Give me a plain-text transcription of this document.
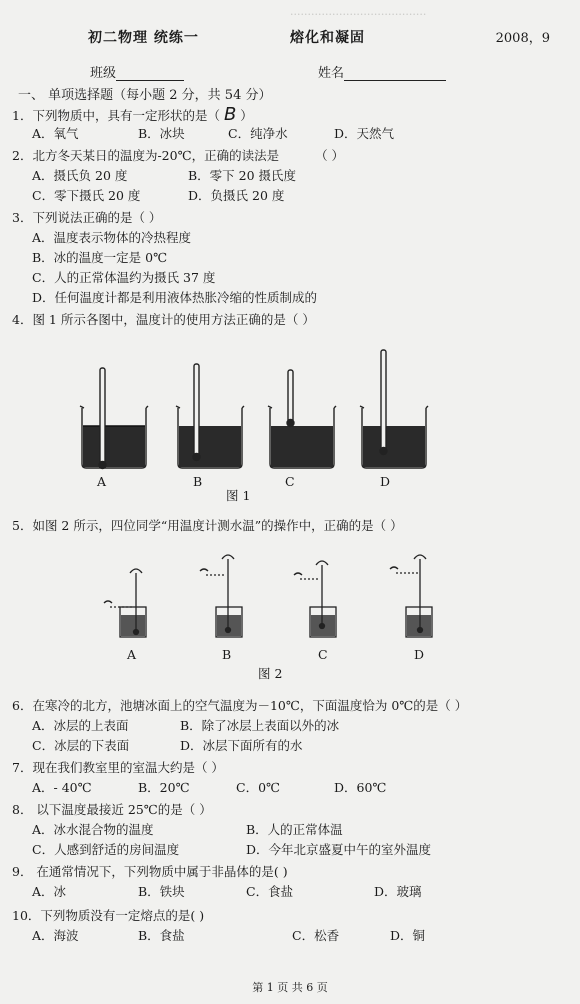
·······································
初二物理 统练一	熔化和凝固	2008，9
班级	姓名
一、 单项选择题（每小题 2 分，共 54 分）
1．下列物质中，具有一定形状的是（ B ）
A．氧气	B．冰块	C．纯净水	D．天然气
2．北方冬天某日的温度为-20℃，正确的读法是	（ ）
A．摄氏负 20 度	B．零下 20 摄氏度
C．零下摄氏 20 度	D．负摄氏 20 度
3．下列说法正确的是（ ）
A．温度表示物体的冷热程度
B．冰的温度一定是 0℃
C．人的正常体温约为摄氏 37 度
D．任何温度计都是利用液体热胀冷缩的性质制成的
4．图 1 所示各图中，温度计的使用方法正确的是（ ）
A	B	C	D
图 1
5．如图 2 所示，四位同学“用温度计测水温”的操作中，正确的是（ ）
A	B	C	D
图 2
6．在寒冷的北方，池塘冰面上的空气温度为－10℃，下面温度恰为 0℃的是（ ）
A．冰层的上表面	B．除了冰层上表面以外的冰
C．冰层的下表面	D．冰层下面所有的水
7．现在我们教室里的室温大约是（ ）
A．- 40℃	B．20℃	C．0℃	D．60℃
8． 以下温度最接近 25℃的是（ ）
A．冰水混合物的温度	B．人的正常体温
C．人感到舒适的房间温度	D．今年北京盛夏中午的室外温度
9． 在通常情况下，下列物质中属于非晶体的是( )
A．冰	B．铁块	C．食盐	D．玻璃
10．下列物质没有一定熔点的是( )
A．海波	B．食盐	C．松香	D．铜
第 1 页 共 6 页
